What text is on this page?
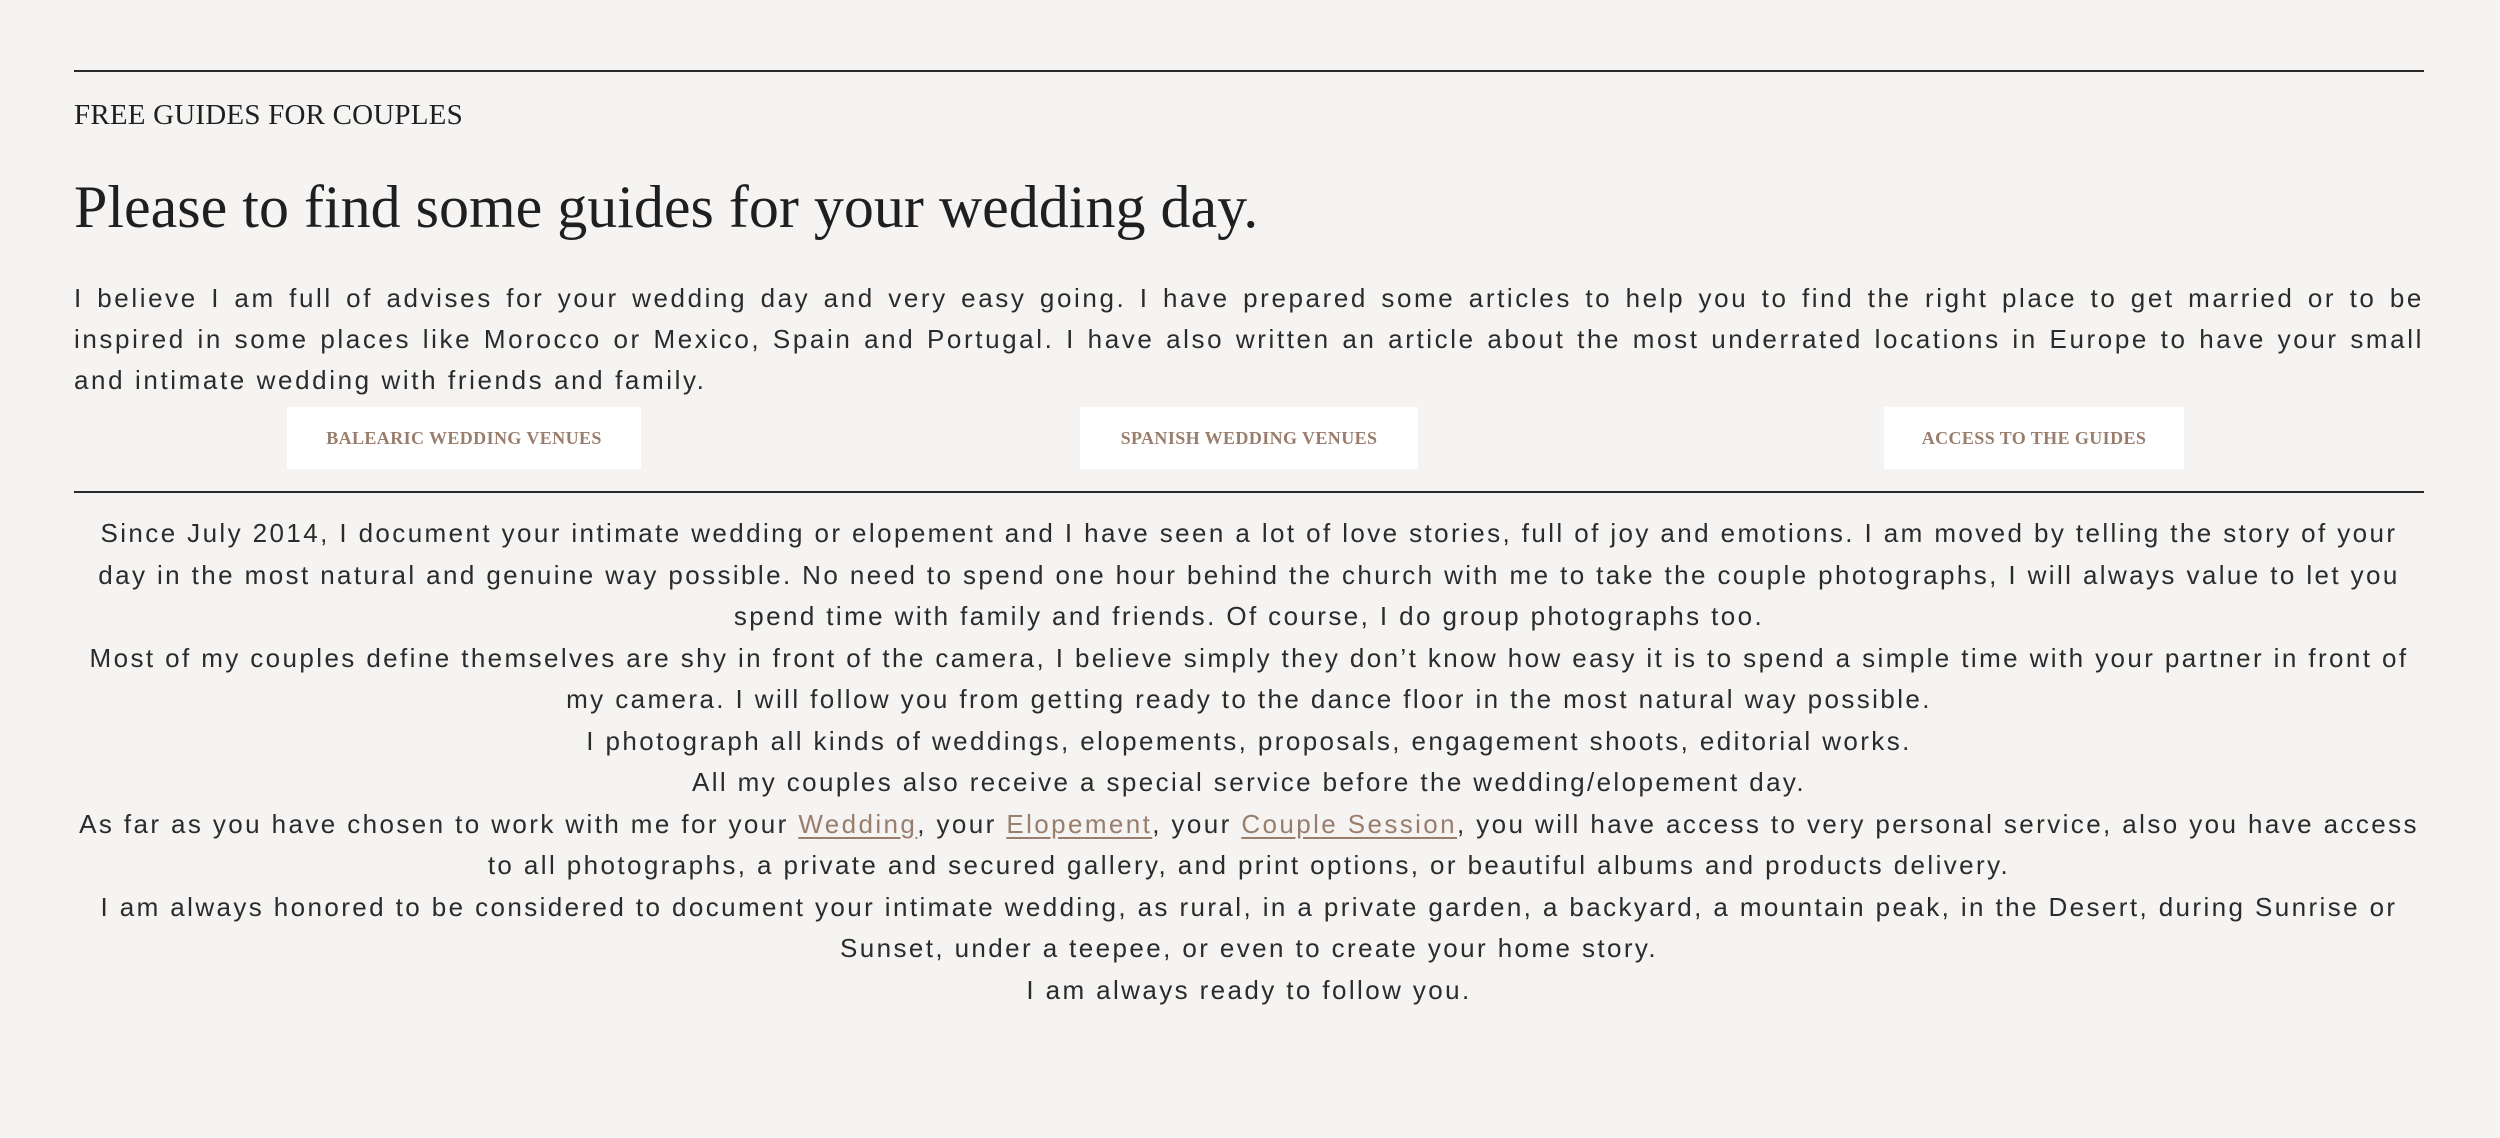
FREE GUIDES FOR COUPLES
Please to find some guides for your wedding day.
I believe I am full of advises for your wedding day and very easy going. I have prepared some articles to help you to find the right place to get married or to be inspired in some places like Morocco or Mexico, Spain and Portugal. I have also written an article about the most underrated locations in Europe to have your small and intimate wedding with friends and family.
BALEARIC WEDDING VENUES	SPANISH WEDDING VENUES	ACCESS TO THE GUIDES

Since July 2014, I document your intimate wedding or elopement and I have seen a lot of love stories, full of joy and emotions. I am moved by telling the story of your day in the most natural and genuine way possible. No need to spend one hour behind the church with me to take the couple photographs, I will always value to let you spend time with family and friends. Of course, I do group photographs too.

Most of my couples define themselves are shy in front of the camera, I believe simply they don’t know how easy it is to spend a simple time with your partner in front of my camera. I will follow you from getting ready to the dance floor in the most natural way possible.

I photograph all kinds of weddings, elopements, proposals, engagement shoots, editorial works.

All my couples also receive a special service before the wedding/elopement day.

As far as you have chosen to work with me for your Wedding, your Elopement, your Couple Session, you will have access to very personal service, also you have access to all photographs, a private and secured gallery, and print options, or beautiful albums and products delivery.

I am always honored to be considered to document your intimate wedding, as rural, in a private garden, a backyard, a mountain peak, in the Desert, during Sunrise or Sunset, under a teepee, or even to create your home story.

I am always ready to follow you.
